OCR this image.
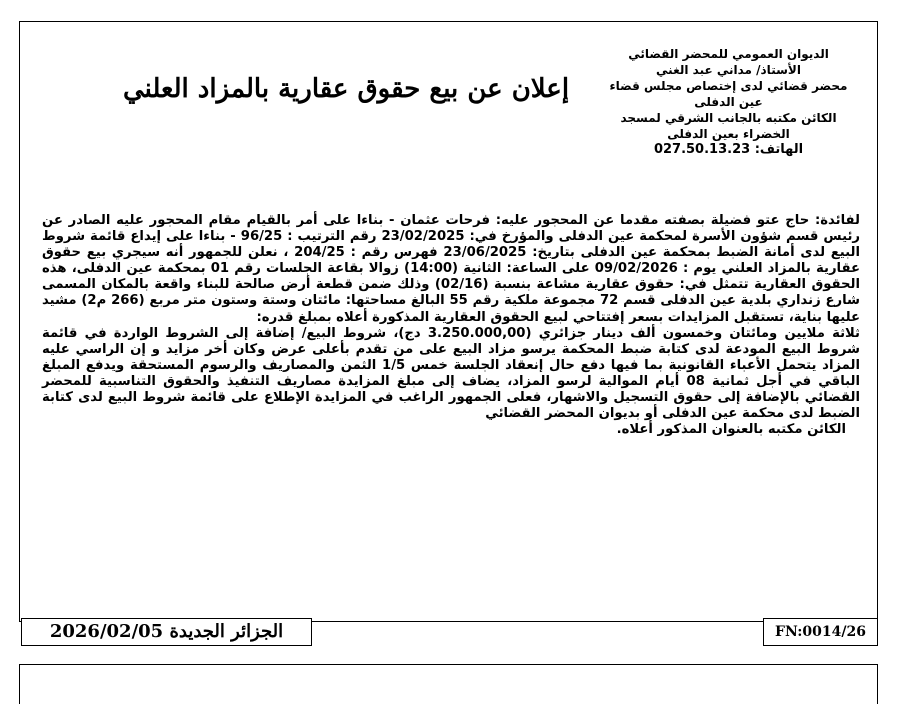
الديوان العمومي للمحضر القضائي
الأستاذ/ مداني عبد الغني
محضر قضائي لدى إختصاص مجلس قضاء
عين الدفلى
الكائن مكتبه بالجانب الشرقي لمسجد
الخضراء بعين الدفلى
الهاتف: 027.50.13.23
إعلان عن بيع حقوق عقارية بالمزاد العلني

لفائدة: حاج عتو فضيلة بصفته مقدما عن المحجور عليه: فرحات عثمان - بناءا على أمر بالقيام مقام المحجور عليه الصادر عن رئيس قسم شؤون الأسرة لمحكمة عين الدفلى والمؤرخ في: 23/02/2025 رقم الترتيب : 96/25 - بناءا على إيداع قائمة شروط البيع لدى أمانة الضبط بمحكمة عين الدفلى بتاريخ: 23/06/2025 فهرس رقم : 204/25 ، نعلن للجمهور أنه سيجري بيع حقوق عقارية بالمزاد العلني يوم : 09/02/2026 على الساعة: الثانية (14:00) زوالا بقاعة الجلسات رقم 01 بمحكمة عين الدفلى، هذه الحقوق العقارية تتمثل في: حقوق عقارية مشاعة بنسبة (02/16) وذلك ضمن قطعة أرض صالحة للبناء واقعة بالمكان المسمى شارع زنداري بلدية عين الدفلى قسم 72 مجموعة ملكية رقم 55 البالغ مساحتها: مائتان وستة وستون متر مربع (266 م2) مشيد عليها بناية، تستقبل المزايدات بسعر إفتتاحي لبيع الحقوق العقارية المذكورة أعلاه بمبلغ قدره:

ثلاثة ملايين ومائتان وخمسون ألف دينار جزائري (3.250.000,00 دج)، شروط البيع/ إضافة إلى الشروط الواردة في قائمة شروط البيع المودعة لدى كتابة ضبط المحكمة يرسو مزاد البيع على من تقدم بأعلى عرض وكان أخر مزايد و إن الراسي عليه المزاد يتحمل الأعباء القانونية بما فيها دفع حال إنعقاد الجلسة خمس 1/5 الثمن والمصاريف والرسوم المستحقة ويدفع المبلغ الباقي في أجل ثمانية 08 أيام الموالية لرسو المزاد، يضاف إلى مبلغ المزايدة مصاريف التنفيذ والحقوق التناسبية للمحضر القضائي بالإضافة إلى حقوق التسجيل والاشهار، فعلى الجمهور الراغب في المزايدة الإطلاع على قائمة شروط البيع لدى كتابة الضبط لدى محكمة عين الدفلى أو بديوان المحضر القضائي

الكائن مكتبه بالعنوان المذكور أعلاه.

الجزائر الجديدة 2026/02/05	FN:0014/26
